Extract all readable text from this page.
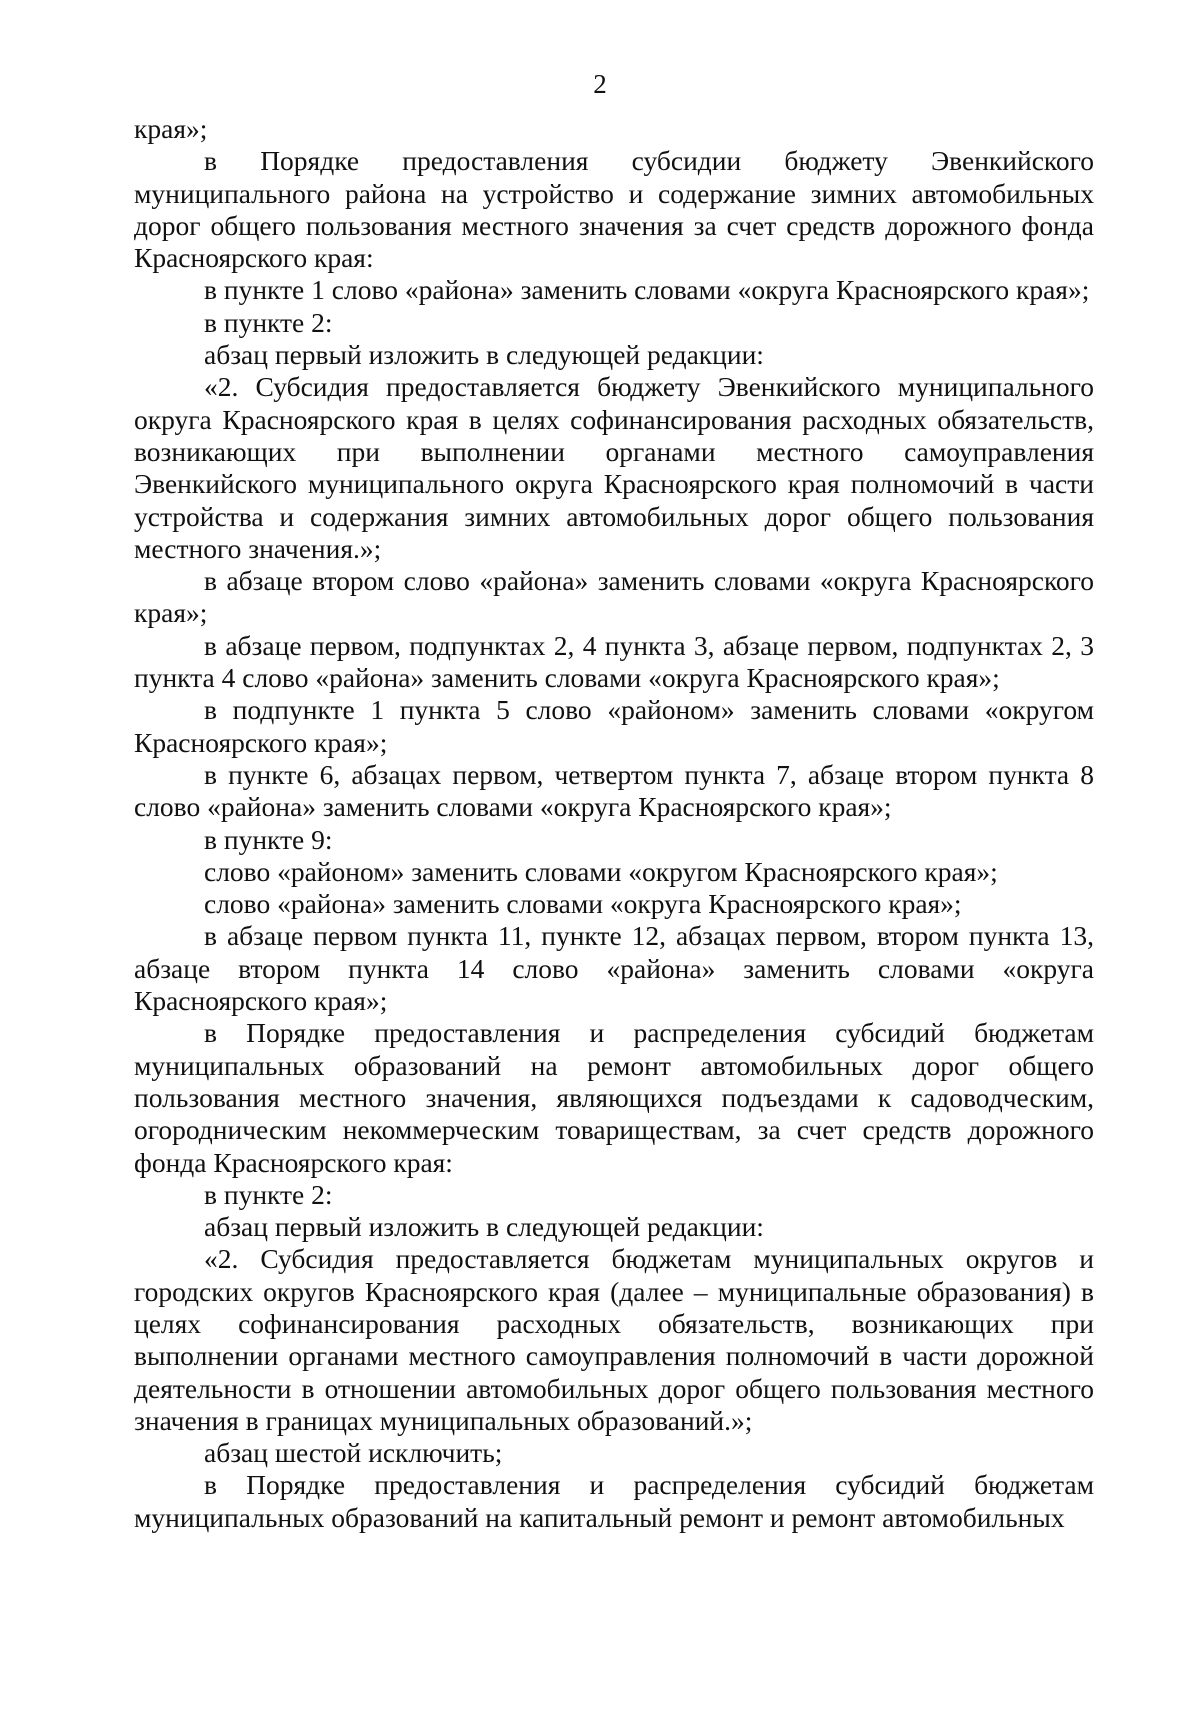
2

края»;

в Порядке предоставления субсидии бюджету Эвенкийского муниципального района на устройство и содержание зимних автомобильных дорог общего пользования местного значения за счет средств дорожного фонда Красноярского края:

в пункте 1 слово «района» заменить словами «округа Красноярского края»;

в пункте 2:

абзац первый изложить в следующей редакции:

«2. Субсидия предоставляется бюджету Эвенкийского муниципального округа Красноярского края в целях софинансирования расходных обязательств, возникающих при выполнении органами местного самоуправления Эвенкийского муниципального округа Красноярского края полномочий в части устройства и содержания зимних автомобильных дорог общего пользования местного значения.»;

в абзаце втором слово «района» заменить словами «округа Красноярского края»;

в абзаце первом, подпунктах 2, 4 пункта 3, абзаце первом, подпунктах 2, 3 пункта 4 слово «района» заменить словами «округа Красноярского края»;

в подпункте 1 пункта 5 слово «районом» заменить словами «округом Красноярского края»;

в пункте 6, абзацах первом, четвертом пункта 7, абзаце втором пункта 8 слово «района» заменить словами «округа Красноярского края»;

в пункте 9:

слово «районом» заменить словами «округом Красноярского края»;

слово «района» заменить словами «округа Красноярского края»;

в абзаце первом пункта 11, пункте 12, абзацах первом, втором пункта 13, абзаце втором пункта 14 слово «района» заменить словами «округа Красноярского края»;

в Порядке предоставления и распределения субсидий бюджетам муниципальных образований на ремонт автомобильных дорог общего пользования местного значения, являющихся подъездами к садоводческим, огородническим некоммерческим товариществам, за счет средств дорожного фонда Красноярского края:

в пункте 2:

абзац первый изложить в следующей редакции:

«2. Субсидия предоставляется бюджетам муниципальных округов и городских округов Красноярского края (далее – муниципальные образования) в целях софинансирования расходных обязательств, возникающих при выполнении органами местного самоуправления полномочий в части дорожной деятельности в отношении автомобильных дорог общего пользования местного значения в границах муниципальных образований.»;

абзац шестой исключить;

в Порядке предоставления и распределения субсидий бюджетам муниципальных образований на капитальный ремонт и ремонт автомобильных
